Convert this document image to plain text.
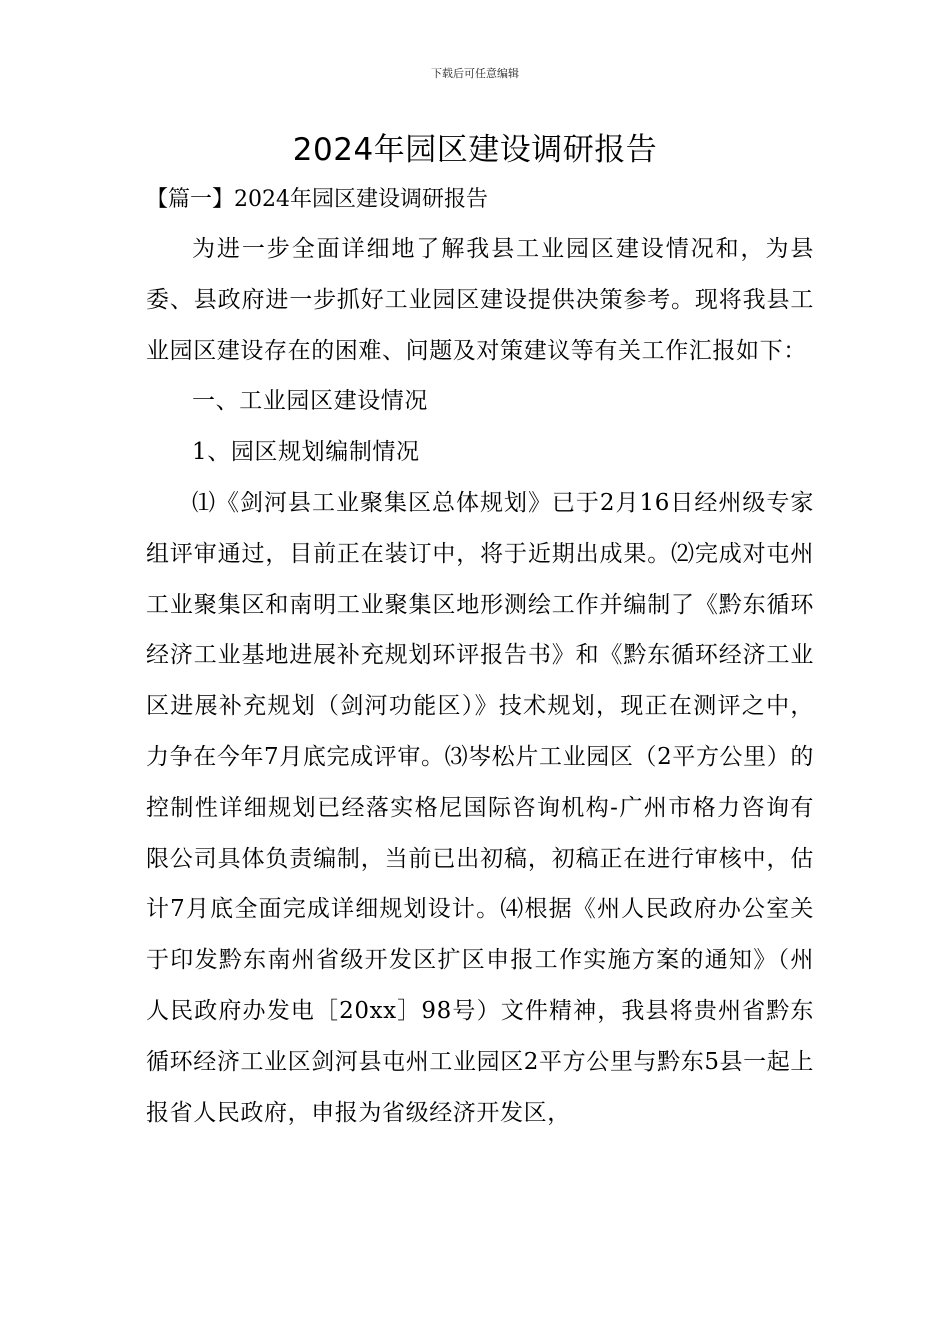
下载后可任意编辑
2024年园区建设调研报告
【篇一】2024年园区建设调研报告

为进一步全面详细地了解我县工业园区建设情况和，为县委、县政府进一步抓好工业园区建设提供决策参考。现将我县工业园区建设存在的困难、问题及对策建议等有关工作汇报如下：

一、工业园区建设情况

1、园区规划编制情况

⑴《剑河县工业聚集区总体规划》已于2月16日经州级专家组评审通过，目前正在装订中，将于近期出成果。⑵完成对屯州工业聚集区和南明工业聚集区地形测绘工作并编制了《黔东循环经济工业基地进展补充规划环评报告书》和《黔东循环经济工业区进展补充规划（剑河功能区）》技术规划，现正在测评之中，力争在今年7月底完成评审。⑶岑松片工业园区（2平方公里）的控制性详细规划已经落实格尼国际咨询机构-广州市格力咨询有限公司具体负责编制，当前已出初稿，初稿正在进行审核中，估计7月底全面完成详细规划设计。⑷根据《州人民政府办公室关于印发黔东南州省级开发区扩区申报工作实施方案的通知》（州人民政府办发电［20xx］98号）文件精神，我县将贵州省黔东循环经济工业区剑河县屯州工业园区2平方公里与黔东5县一起上报省人民政府，申报为省级经济开发区，
